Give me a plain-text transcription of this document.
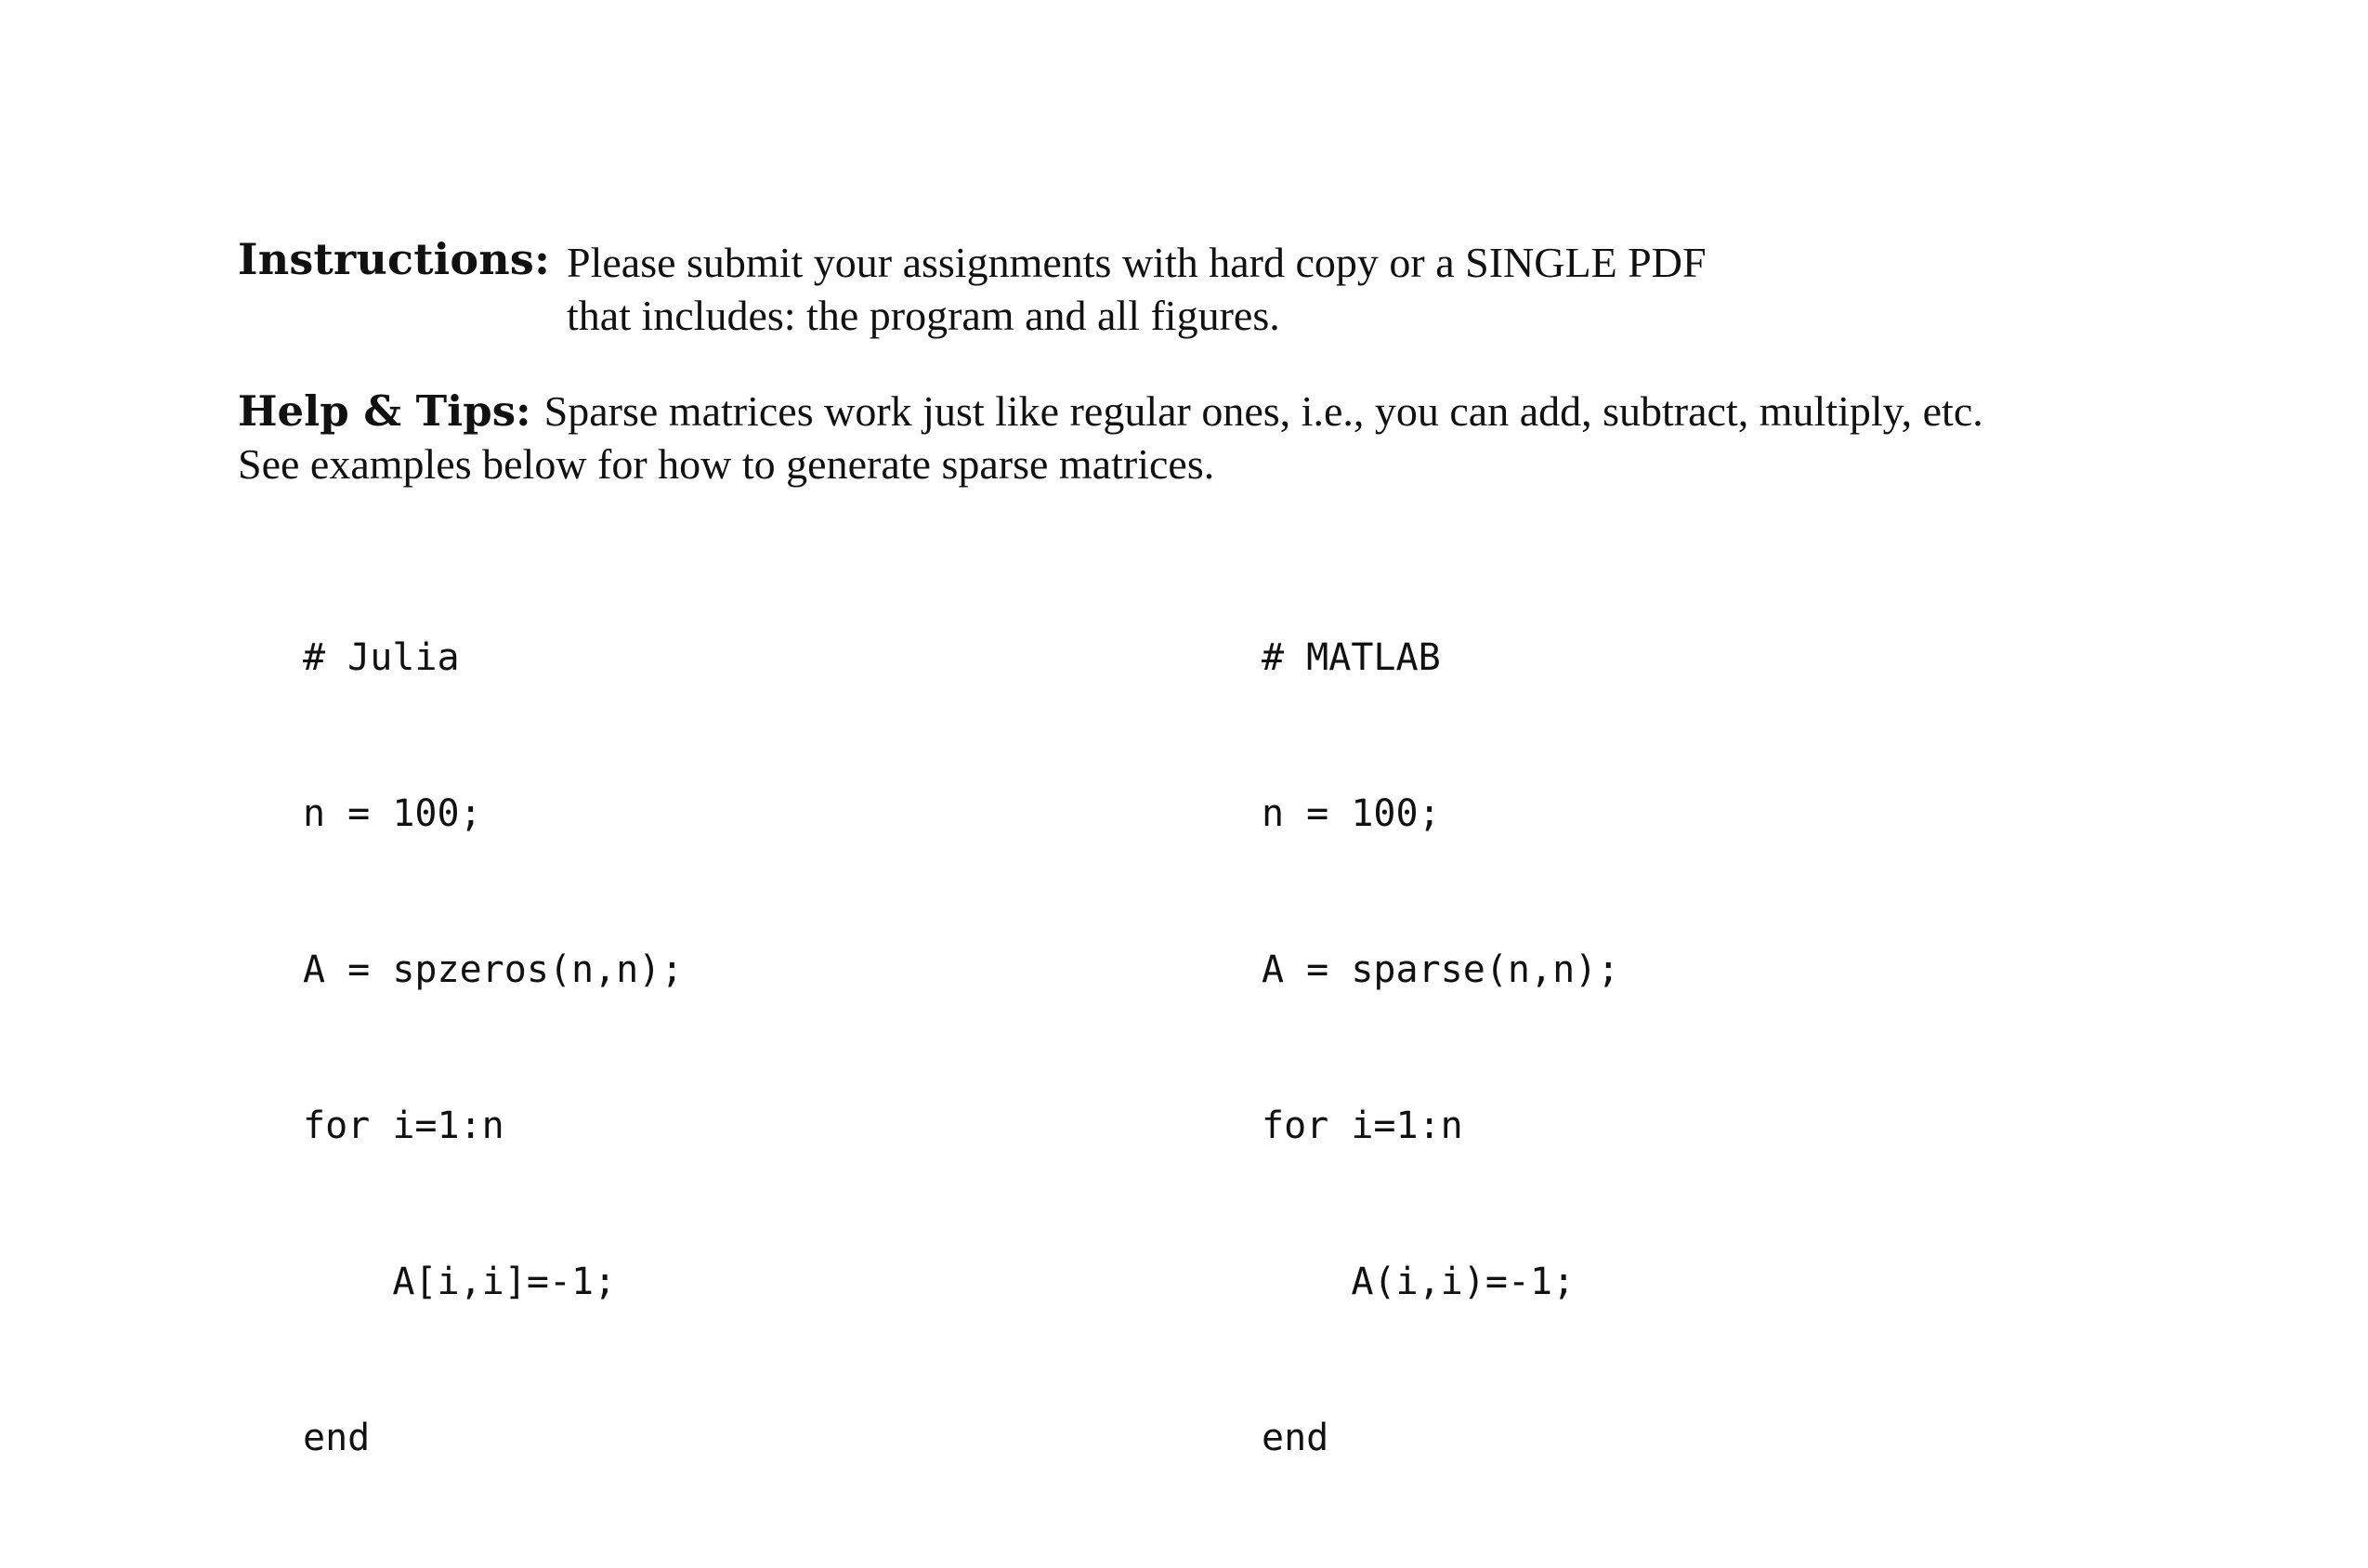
Instructions: Please submit your assignments with hard copy or a SINGLE PDF
that includes: the program and all figures.
Help & Tips: Sparse matrices work just like regular ones, i.e., you can add, subtract, multiply, etc.
See examples below for how to generate sparse matrices.

# Julia

n = 100;

A = spzeros(n,n);

for i=1:n

A[i,i]=-1;

end

# MATLAB

n = 100;

A = sparse(n,n);

for i=1:n

A(i,i)=-1;

end
